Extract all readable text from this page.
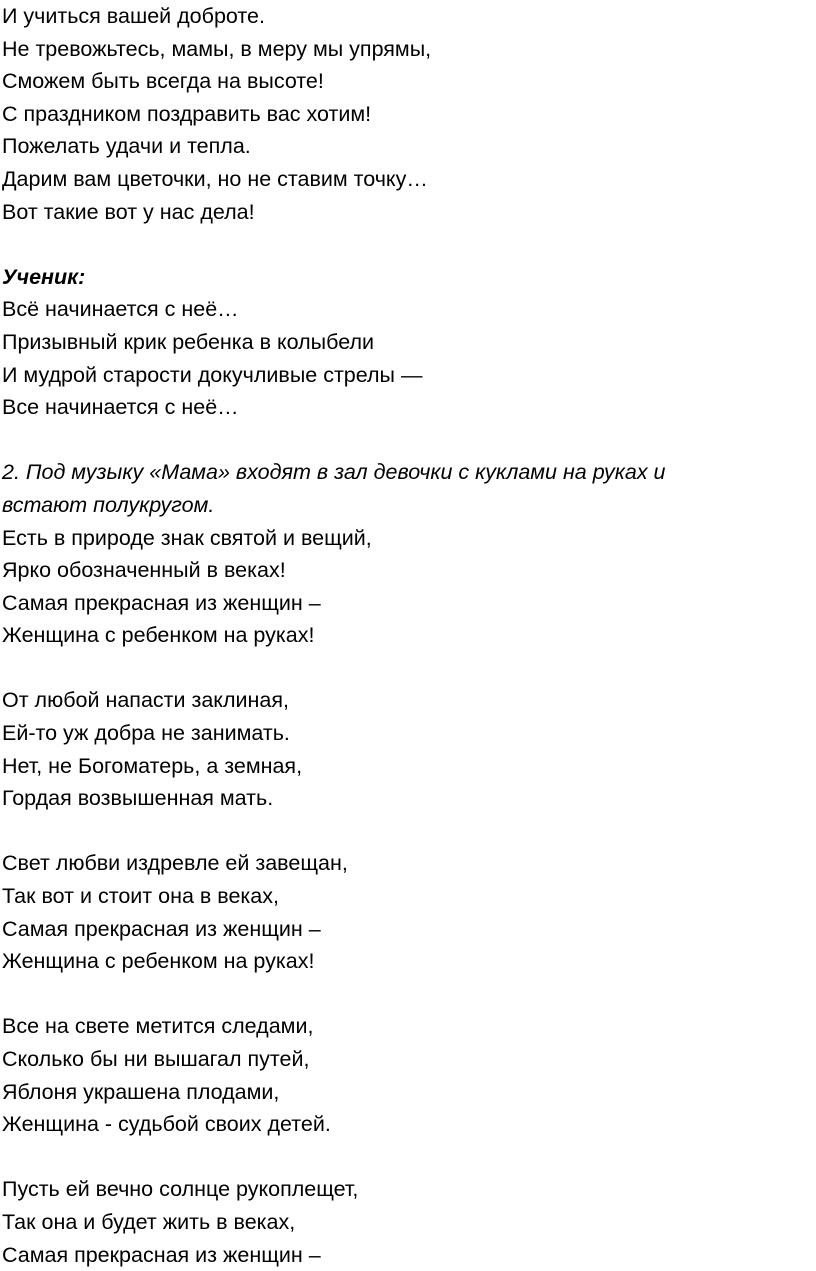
И учиться вашей доброте.
Не тревожьтесь, мамы, в меру мы упрямы,
Сможем быть всегда на высоте!
С праздником поздравить вас хотим!
Пожелать удачи и тепла.
Дарим вам цветочки, но не ставим точку…
Вот такие вот у нас дела!
Ученик:
Всё начинается с неё…
Призывный крик ребенка в колыбели
И мудрой старости докучливые стрелы —
Все начинается с неё…
2. Под музыку «Мама» входят в зал девочки с куклами на руках и
встают полукругом.
Есть в природе знак святой и вещий,
Ярко обозначенный в веках!
Самая прекрасная из женщин –
Женщина с ребенком на руках!
От любой напасти заклиная,
Ей-то уж добра не занимать.
Нет, не Богоматерь, а земная,
Гордая возвышенная мать.
Свет любви издревле ей завещан,
Так вот и стоит она в веках,
Самая прекрасная из женщин –
Женщина с ребенком на руках!
Все на свете метится следами,
Сколько бы ни вышагал путей,
Яблоня украшена плодами,
Женщина - судьбой своих детей.
Пусть ей вечно солнце рукоплещет,
Так она и будет жить в веках,
Самая прекрасная из женщин –
